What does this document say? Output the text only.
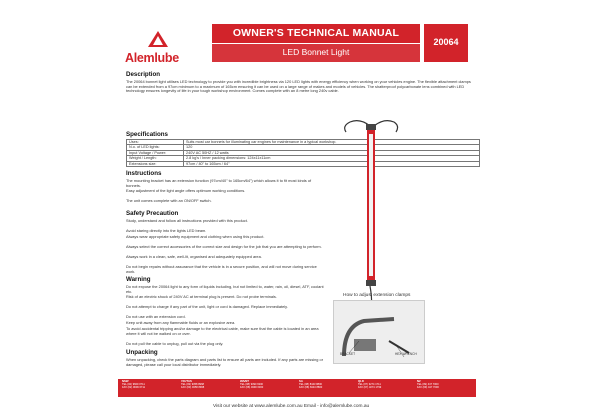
Alemlube
OWNER'S TECHNICAL MANUAL
LED Bonnet Light
20064
Description
The 20064 bonnet light utilises LED technology to provide you with incredible brightness via 120 LED lights with energy efficiency when working on your vehicles engine. The flexible attachment clamps can be extended from a 97cm minimum to a maximum of 165cm ensuring it can be used on a large range of makes and models of vehicles. The shatterproof polycarbonate lens combined with LED technology ensures longevity of life in your tough workshop environment. Comes complete with an 8 metre long 240v cable.
Specifications
Uses:	Suits most car bonnets for illuminating car engines for maintenance in a typical workshop.
N.o. of LED lights:	120
Input Voltage / Power:	240V AC 50HZ / 12 watts
Weight / Length:	2.8 kg's / Inner packing dimensions: 124x11x11cm
Extensions size:	97cm / 40" to 165cm / 64"
Instructions
The mounting bracket has an extension function (97cm/40" to 165cm/64") which allows it to fit most kinds of bonnets.
Easy adjustment of the light angle offers optimum working conditions.
The unit comes complete with an ON/OFF switch.
Safety Precaution
Study, understand and follow all instructions provided with this product.
Avoid staring directly into the lights LED beam.
Always wear appropriate safety equipment and clothing when using this product.
Always select the correct accessories of the correct size and design for the job that you are attempting to perform.
Always work in a clean, safe, well-lit, organised and adequately equipped area.
Do not begin repairs without assurance that the vehicle is in a secure position, and will not move during service work.
Warning
Do not expose the 20064 light to any form of liquids including, but not limited to, water, rain, oil, diesel, ATF, coolant etc.
Risk of an electric shock of 240V AC at terminal plug is present. Do not probe terminals.
Do not attempt to charge if any part of the unit, light or cord is damaged. Replace immediately.
Do not use with an extension cord.
Keep unit away from any flammable fluids or an explosive area.
To avoid accidental tripping and/or damage to the electrical cable, make sure that the cable is located in an area where it will not be walked on or over.
Do not pull the cable to unplug, pull out via the plug only.
Unpacking
When unpacking, check the parts diagram and parts list to ensure all parts are included. If any parts are missing or damaged, please call your local distributor immediately.
How to adjust extension clamps
BRACKET	HEX WRENCH
NSW
TEL (02) 9609 0711
FAX (02) 9609 6711
VIC/TAS
TEL (03) 9358 8968
FAX (03) 9358 8968
WA/NT
TEL (08) 9390 6300
FAX (08) 9390 6300
SA
TEL (08) 8443 8800
FAX (08) 8443 8800
QLD
TEL (07) 3274 1711
FAX (07) 3274 1799
NZ
TEL (09) 447 7000
FAX (09) 447 7000
Visit our website at www.alemlube.com.au Email - info@alemlube.com.au
